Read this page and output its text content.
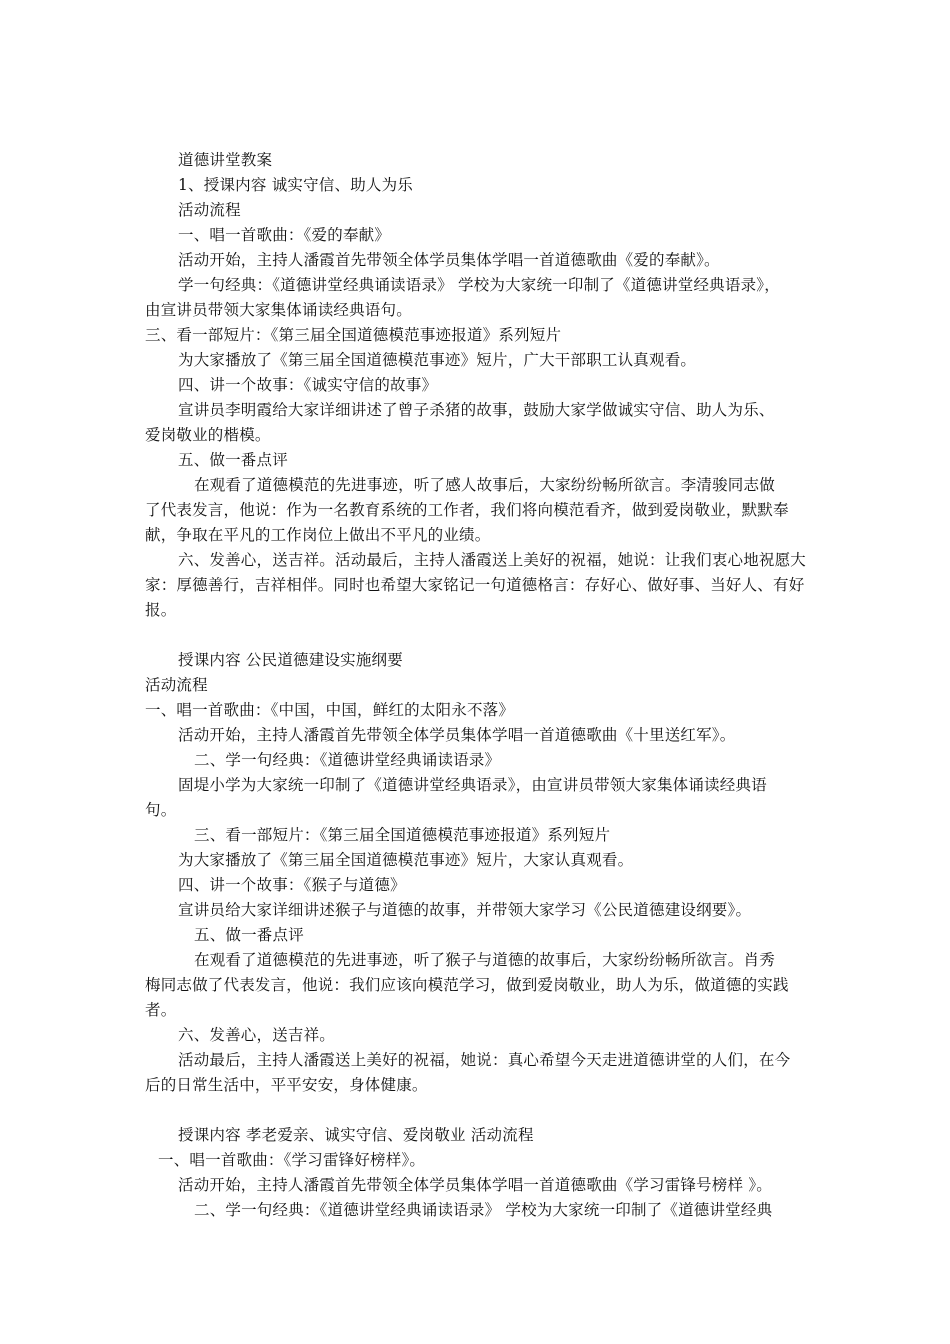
道德讲堂教案
1、授课内容 诚实守信、助人为乐
活动流程
一、唱一首歌曲：《爱的奉献》
活动开始，主持人潘霞首先带领全体学员集体学唱一首道德歌曲《爱的奉献》。
学一句经典：《道德讲堂经典诵读语录》 学校为大家统一印制了《道德讲堂经典语录》，
由宣讲员带领大家集体诵读经典语句。
三、看一部短片：《第三届全国道德模范事迹报道》系列短片
为大家播放了《第三届全国道德模范事迹》短片，广大干部职工认真观看。
四、讲一个故事：《诚实守信的故事》
宣讲员李明霞给大家详细讲述了曾子杀猪的故事，鼓励大家学做诚实守信、助人为乐、
爱岗敬业的楷模。
五、做一番点评
在观看了道德模范的先进事迹，听了感人故事后，大家纷纷畅所欲言。李清骏同志做
了代表发言，他说：作为一名教育系统的工作者，我们将向模范看齐，做到爱岗敬业，默默奉
献，争取在平凡的工作岗位上做出不平凡的业绩。
六、发善心，送吉祥。活动最后，主持人潘霞送上美好的祝福，她说：让我们衷心地祝愿大
家：厚德善行，吉祥相伴。同时也希望大家铭记一句道德格言：存好心、做好事、当好人、有好
报。
授课内容 公民道德建设实施纲要
活动流程
一、唱一首歌曲：《中国，中国，鲜红的太阳永不落》
活动开始，主持人潘霞首先带领全体学员集体学唱一首道德歌曲《十里送红军》。
二、学一句经典：《道德讲堂经典诵读语录》
固堤小学为大家统一印制了《道德讲堂经典语录》，由宣讲员带领大家集体诵读经典语
句。
三、看一部短片：《第三届全国道德模范事迹报道》系列短片
为大家播放了《第三届全国道德模范事迹》短片，大家认真观看。
四、讲一个故事：《猴子与道德》
宣讲员给大家详细讲述猴子与道德的故事，并带领大家学习《公民道德建设纲要》。
五、做一番点评
在观看了道德模范的先进事迹，听了猴子与道德的故事后，大家纷纷畅所欲言。肖秀
梅同志做了代表发言，他说：我们应该向模范学习，做到爱岗敬业，助人为乐，做道德的实践
者。
六、发善心，送吉祥。
活动最后，主持人潘霞送上美好的祝福，她说：真心希望今天走进道德讲堂的人们，在今
后的日常生活中，平平安安，身体健康。
授课内容 孝老爱亲、诚实守信、爱岗敬业 活动流程
一、唱一首歌曲：《学习雷锋好榜样》。
活动开始，主持人潘霞首先带领全体学员集体学唱一首道德歌曲《学习雷锋号榜样 》。
二、学一句经典：《道德讲堂经典诵读语录》 学校为大家统一印制了《道德讲堂经典
